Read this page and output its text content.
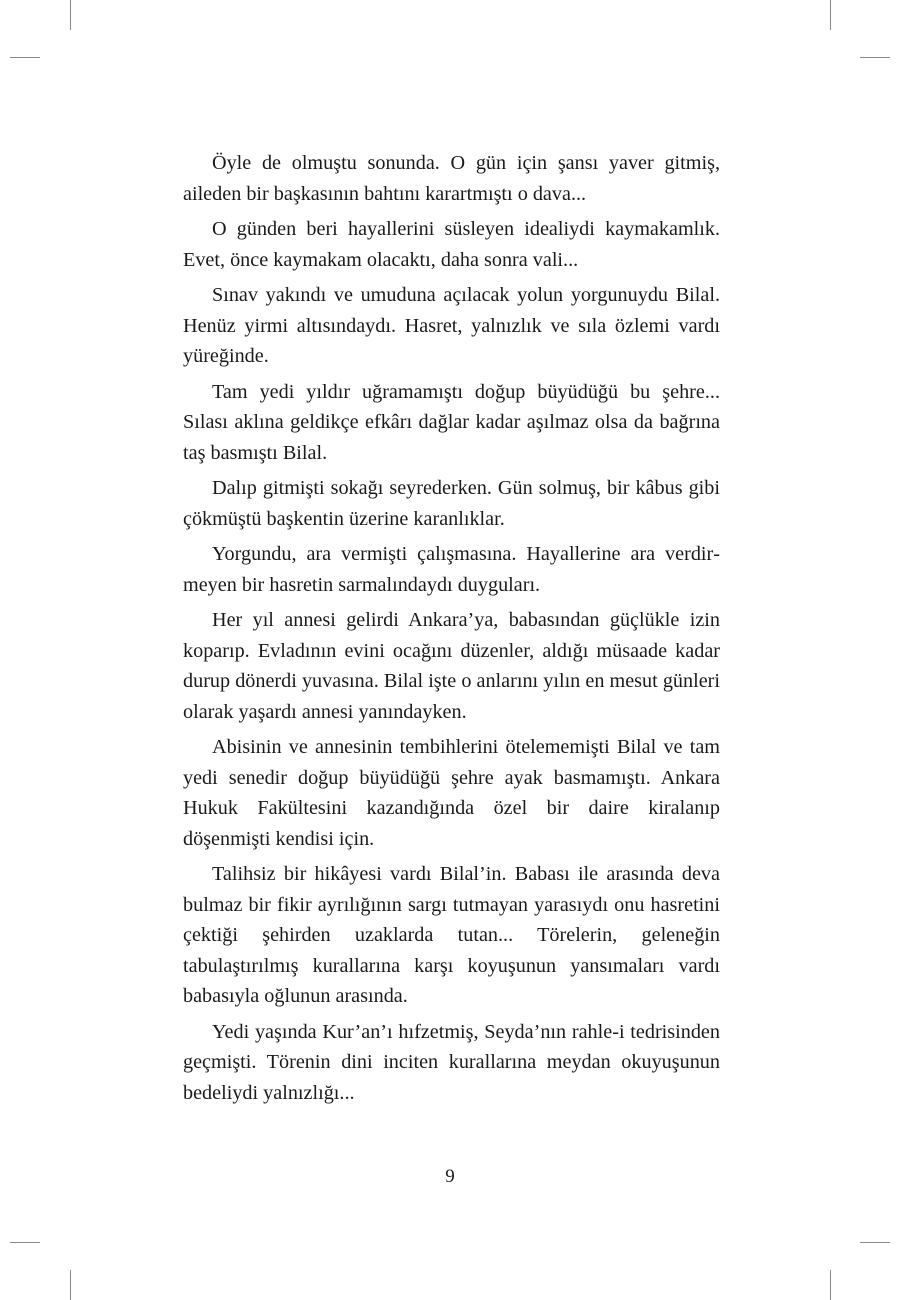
Öyle de olmuştu sonunda. O gün için şansı yaver gitmiş, aileden bir başkasının bahtını karartmıştı o dava...

O günden beri hayallerini süsleyen idealiydi kaymakamlık. Evet, önce kaymakam olacaktı, daha sonra vali...

Sınav yakındı ve umuduna açılacak yolun yorgunuydu Bilal. Henüz yirmi altısındaydı. Hasret, yalnızlık ve sıla özlemi vardı yüreğinde.

Tam yedi yıldır uğramamıştı doğup büyüdüğü bu şehre... Sılası aklına geldikçe efkârı dağlar kadar aşılmaz olsa da bağrına taş basmıştı Bilal.

Dalıp gitmişti sokağı seyrederken. Gün solmuş, bir kâbus gibi çökmüştü başkentin üzerine karanlıklar.

Yorgundu, ara vermişti çalışmasına. Hayallerine ara verdirmeyen bir hasretin sarmalındaydı duyguları.

Her yıl annesi gelirdi Ankara’ya, babasından güçlükle izin koparıp. Evladının evini ocağını düzenler, aldığı müsaade kadar durup dönerdi yuvasına. Bilal işte o anlarını yılın en mesut günleri olarak yaşardı annesi yanındayken.

Abisinin ve annesinin tembihlerini ötelememişti Bilal ve tam yedi senedir doğup büyüdüğü şehre ayak basmamıştı. Ankara Hukuk Fakültesini kazandığında özel bir daire kiralanıp döşenmişti kendisi için.

Talihsiz bir hikâyesi vardı Bilal’in. Babası ile arasında deva bulmaz bir fikir ayrılığının sargı tutmayan yarasıydı onu hasretini çektiği şehirden uzaklarda tutan... Törelerin, geleneğin tabulaştırılmış kurallarına karşı koyuşunun yansımaları vardı babasıyla oğlunun arasında.

Yedi yaşında Kur’an’ı hıfzetmiş, Seyda’nın rahle-i tedrisinden geçmişti. Törenin dini inciten kurallarına meydan okuyuşunun bedeliydi yalnızlığı...

9
